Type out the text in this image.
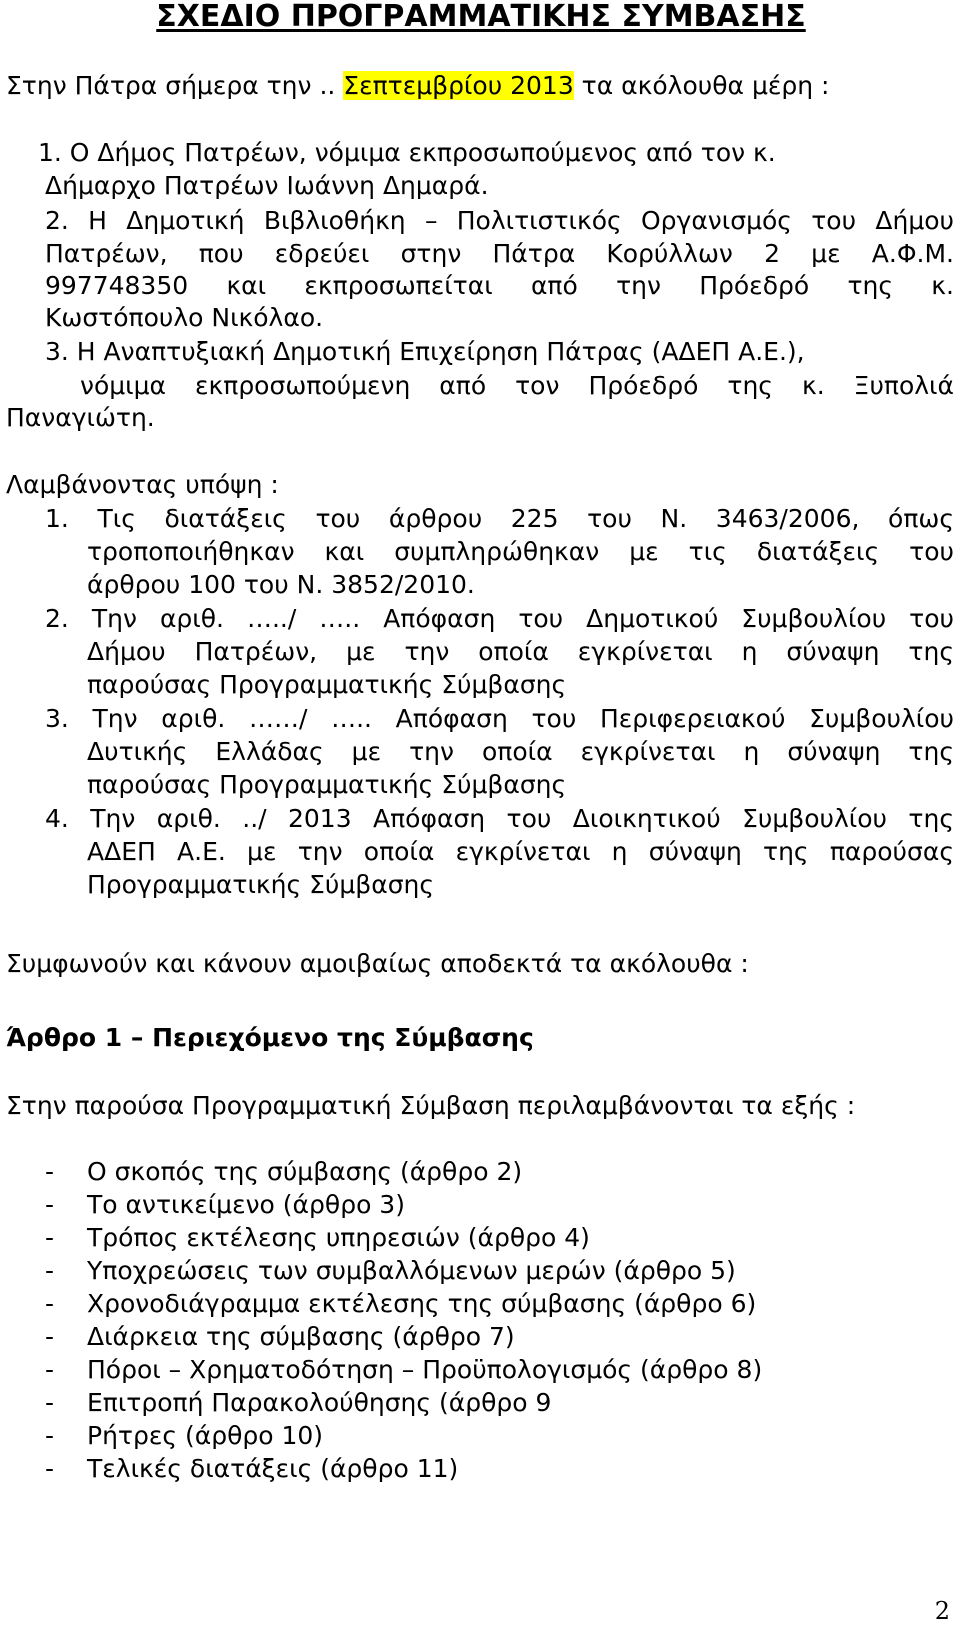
ΣΧΕΔΙΟ ΠΡΟΓΡΑΜΜΑΤΙΚΗΣ ΣΥΜΒΑΣΗΣ
Στην Πάτρα σήμερα την .. Σεπτεμβρίου 2013 τα ακόλουθα μέρη :
1. Ο Δήμος Πατρέων, νόμιμα εκπροσωπούμενος από τον κ.
Δήμαρχο Πατρέων Ιωάννη Δημαρά.
2. Η Δημοτική Βιβλιοθήκη – Πολιτιστικός Οργανισμός του Δήμου
Πατρέων, που εδρεύει στην Πάτρα Κορύλλων 2 με Α.Φ.Μ.
997748350 και εκπροσωπείται από την Πρόεδρό της κ.
Κωστόπουλο Νικόλαο.
3. Η Αναπτυξιακή Δημοτική Επιχείρηση Πάτρας (ΑΔΕΠ Α.Ε.),
νόμιμα εκπροσωπούμενη από τον Πρόεδρό της κ. Ξυπολιά
Παναγιώτη.
Λαμβάνοντας υπόψη :
1. Τις διατάξεις του άρθρου 225 του Ν. 3463/2006, όπως
τροποποιήθηκαν και συμπληρώθηκαν με τις διατάξεις του
άρθρου 100 του Ν. 3852/2010.
2. Την αριθ. …../ ….. Απόφαση του Δημοτικού Συμβουλίου του
Δήμου Πατρέων, με την οποία εγκρίνεται η σύναψη της
παρούσας Προγραμματικής Σύμβασης
3. Την αριθ. ……/ ….. Απόφαση του Περιφερειακού Συμβουλίου
Δυτικής Ελλάδας με την οποία εγκρίνεται η σύναψη της
παρούσας Προγραμματικής Σύμβασης
4. Την αριθ. ../ 2013 Απόφαση του Διοικητικού Συμβουλίου της
ΑΔΕΠ Α.Ε. με την οποία εγκρίνεται η σύναψη της παρούσας
Προγραμματικής Σύμβασης
Συμφωνούν και κάνουν αμοιβαίως αποδεκτά τα ακόλουθα :
Άρθρο 1 – Περιεχόμενο της Σύμβασης
Στην παρούσα Προγραμματική Σύμβαση περιλαμβάνονται τα εξής :
- Ο σκοπός της σύμβασης (άρθρο 2)
- Το αντικείμενο (άρθρο 3)
- Τρόπος εκτέλεσης υπηρεσιών (άρθρο 4)
- Υποχρεώσεις των συμβαλλόμενων μερών (άρθρο 5)
- Χρονοδιάγραμμα εκτέλεσης της σύμβασης (άρθρο 6)
- Διάρκεια της σύμβασης (άρθρο 7)
- Πόροι – Χρηματοδότηση – Προϋπολογισμός (άρθρο 8)
- Επιτροπή Παρακολούθησης (άρθρο 9
- Ρήτρες (άρθρο 10)
- Τελικές διατάξεις (άρθρο 11)
2
